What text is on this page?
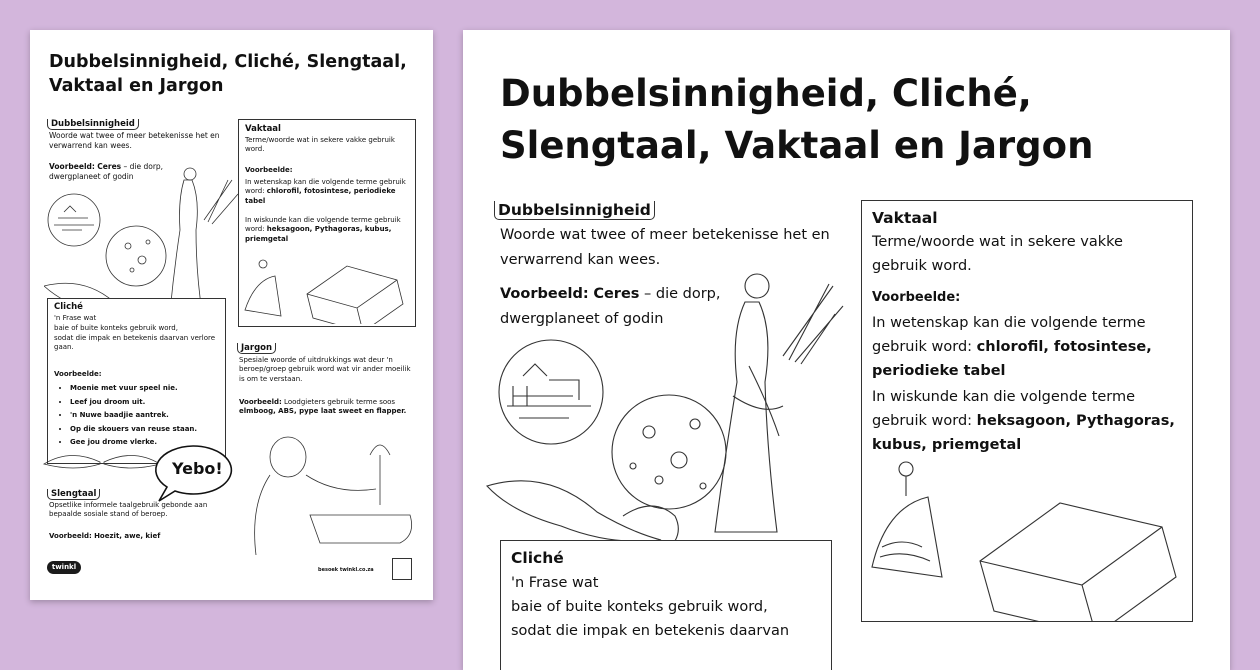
Dubbelsinnigheid, Cliché, Slengtaal, Vaktaal en Jargon
Dubbelsinnigheid
Woorde wat twee of meer betekenisse het en verwarrend kan wees.
Voorbeeld: Ceres – die dorp, dwergplaneet of godin
Vaktaal
Terme/woorde wat in sekere vakke gebruik word.
Voorbeelde:
In wetenskap kan die volgende terme gebruik word: chlorofil, fotosintese, periodieke tabel
In wiskunde kan die volgende terme gebruik word: heksagoon, Pythagoras, kubus, priemgetal
Cliché
'n Frase wat
baie of buite konteks gebruik word,
sodat die impak en betekenis daarvan verlore gaan.
Voorbeelde:
• Moenie met vuur speel nie.
• Leef jou droom uit.
• 'n Nuwe baadjie aantrek.
• Op die skouers van reuse staan.
• Gee jou drome vlerke.
Yebo!
Jargon
Spesiale woorde of uitdrukkings wat deur 'n beroep/groep gebruik word wat vir ander moeilik is om te verstaan.
Voorbeeld: Loodgieters gebruik terme soos elmboog, ABS, pype laat sweet en flapper.
Slengtaal
Opsetlike informele taalgebruik gebonde aan bepaalde sosiale stand of beroep.
Voorbeeld: Hoezit, awe, kief
twinkl	besoek twinkl.co.za
Dubbelsinnigheid, Cliché, Slengtaal, Vaktaal en Jargon
Dubbelsinnigheid
Woorde wat twee of meer betekenisse het en verwarrend kan wees.
Voorbeeld: Ceres – die dorp, dwergplaneet of godin
Vaktaal
Terme/woorde wat in sekere vakke gebruik word.
Voorbeelde:
In wetenskap kan die volgende terme gebruik word: chlorofil, fotosintese, periodieke tabel
In wiskunde kan die volgende terme gebruik word: heksagoon, Pythagoras, kubus, priemgetal
Cliché
'n Frase wat
baie of buite konteks gebruik word,
sodat die impak en betekenis daarvan
